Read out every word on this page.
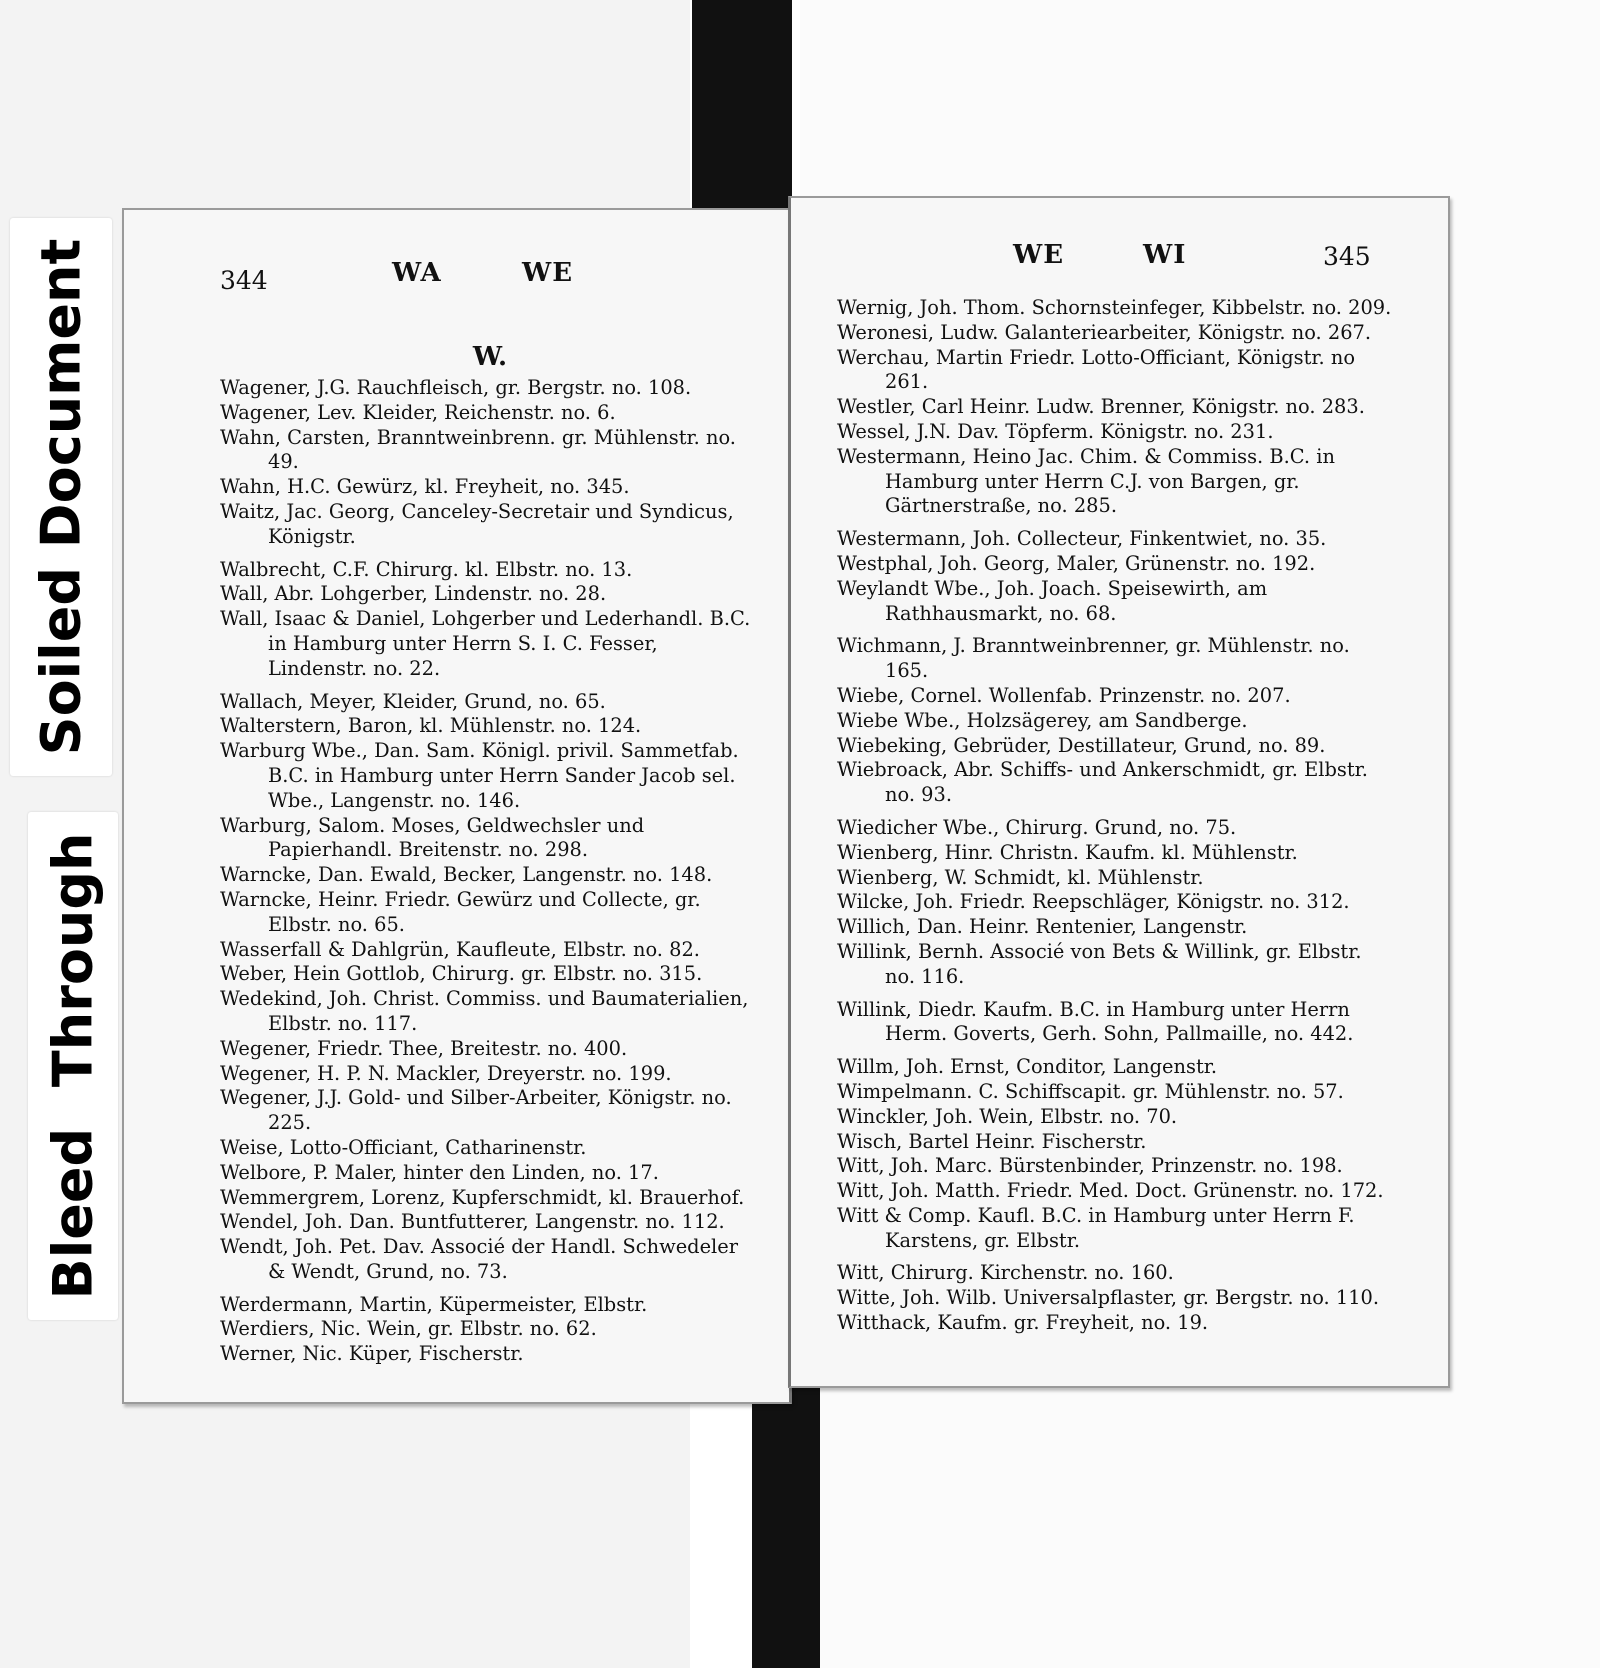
Soiled Document
Bleed Through
344	WA	WE
W.
Wagener, J.G. Rauchfleisch, gr. Bergstr. no. 108.
Wagener, Lev. Kleider, Reichenstr. no. 6.
Wahn, Carsten, Branntweinbrenn. gr. Mühlenstr. no. 49.
Wahn, H.C. Gewürz, kl. Freyheit, no. 345.
Waitz, Jac. Georg, Canceley-Secretair und Syndicus, Königstr.
Walbrecht, C.F. Chirurg. kl. Elbstr. no. 13.
Wall, Abr. Lohgerber, Lindenstr. no. 28.
Wall, Isaac & Daniel, Lohgerber und Lederhandl. B.C. in Hamburg unter Herrn S. I. C. Fesser, Lindenstr. no. 22.
Wallach, Meyer, Kleider, Grund, no. 65.
Walterstern, Baron, kl. Mühlenstr. no. 124.
Warburg Wbe., Dan. Sam. Königl. privil. Sammetfab. B.C. in Hamburg unter Herrn Sander Jacob sel. Wbe., Langenstr. no. 146.
Warburg, Salom. Moses, Geldwechsler und Papierhandl. Breitenstr. no. 298.
Warncke, Dan. Ewald, Becker, Langenstr. no. 148.
Warncke, Heinr. Friedr. Gewürz und Collecte, gr. Elbstr. no. 65.
Wasserfall & Dahlgrün, Kaufleute, Elbstr. no. 82.
Weber, Hein Gottlob, Chirurg. gr. Elbstr. no. 315.
Wedekind, Joh. Christ. Commiss. und Baumaterialien, Elbstr. no. 117.
Wegener, Friedr. Thee, Breitestr. no. 400.
Wegener, H. P. N. Mackler, Dreyerstr. no. 199.
Wegener, J.J. Gold- und Silber-Arbeiter, Königstr. no. 225.
Weise, Lotto-Officiant, Catharinenstr.
Welbore, P. Maler, hinter den Linden, no. 17.
Wemmergrem, Lorenz, Kupferschmidt, kl. Brauerhof.
Wendel, Joh. Dan. Buntfutterer, Langenstr. no. 112.
Wendt, Joh. Pet. Dav. Associé der Handl. Schwedeler & Wendt, Grund, no. 73.
Werdermann, Martin, Küpermeister, Elbstr.
Werdiers, Nic. Wein, gr. Elbstr. no. 62.
Werner, Nic. Küper, Fischerstr.
WE	WI	345
Wernig, Joh. Thom. Schornsteinfeger, Kibbelstr. no. 209.
Weronesi, Ludw. Galanteriearbeiter, Königstr. no. 267.
Werchau, Martin Friedr. Lotto-Officiant, Königstr. no 261.
Westler, Carl Heinr. Ludw. Brenner, Königstr. no. 283.
Wessel, J.N. Dav. Töpferm. Königstr. no. 231.
Westermann, Heino Jac. Chim. & Commiss. B.C. in Hamburg unter Herrn C.J. von Bargen, gr. Gärtnerstraße, no. 285.
Westermann, Joh. Collecteur, Finkentwiet, no. 35.
Westphal, Joh. Georg, Maler, Grünenstr. no. 192.
Weylandt Wbe., Joh. Joach. Speisewirth, am Rathhausmarkt, no. 68.
Wichmann, J. Branntweinbrenner, gr. Mühlenstr. no. 165.
Wiebe, Cornel. Wollenfab. Prinzenstr. no. 207.
Wiebe Wbe., Holzsägerey, am Sandberge.
Wiebeking, Gebrüder, Destillateur, Grund, no. 89.
Wiebroack, Abr. Schiffs- und Ankerschmidt, gr. Elbstr. no. 93.
Wiedicher Wbe., Chirurg. Grund, no. 75.
Wienberg, Hinr. Christn. Kaufm. kl. Mühlenstr.
Wienberg, W. Schmidt, kl. Mühlenstr.
Wilcke, Joh. Friedr. Reepschläger, Königstr. no. 312.
Willich, Dan. Heinr. Rentenier, Langenstr.
Willink, Bernh. Associé von Bets & Willink, gr. Elbstr. no. 116.
Willink, Diedr. Kaufm. B.C. in Hamburg unter Herrn Herm. Goverts, Gerh. Sohn, Pallmaille, no. 442.
Willm, Joh. Ernst, Conditor, Langenstr.
Wimpelmann. C. Schiffscapit. gr. Mühlenstr. no. 57.
Winckler, Joh. Wein, Elbstr. no. 70.
Wisch, Bartel Heinr. Fischerstr.
Witt, Joh. Marc. Bürstenbinder, Prinzenstr. no. 198.
Witt, Joh. Matth. Friedr. Med. Doct. Grünenstr. no. 172.
Witt & Comp. Kaufl. B.C. in Hamburg unter Herrn F. Karstens, gr. Elbstr.
Witt, Chirurg. Kirchenstr. no. 160.
Witte, Joh. Wilb. Universalpflaster, gr. Bergstr. no. 110.
Witthack, Kaufm. gr. Freyheit, no. 19.
